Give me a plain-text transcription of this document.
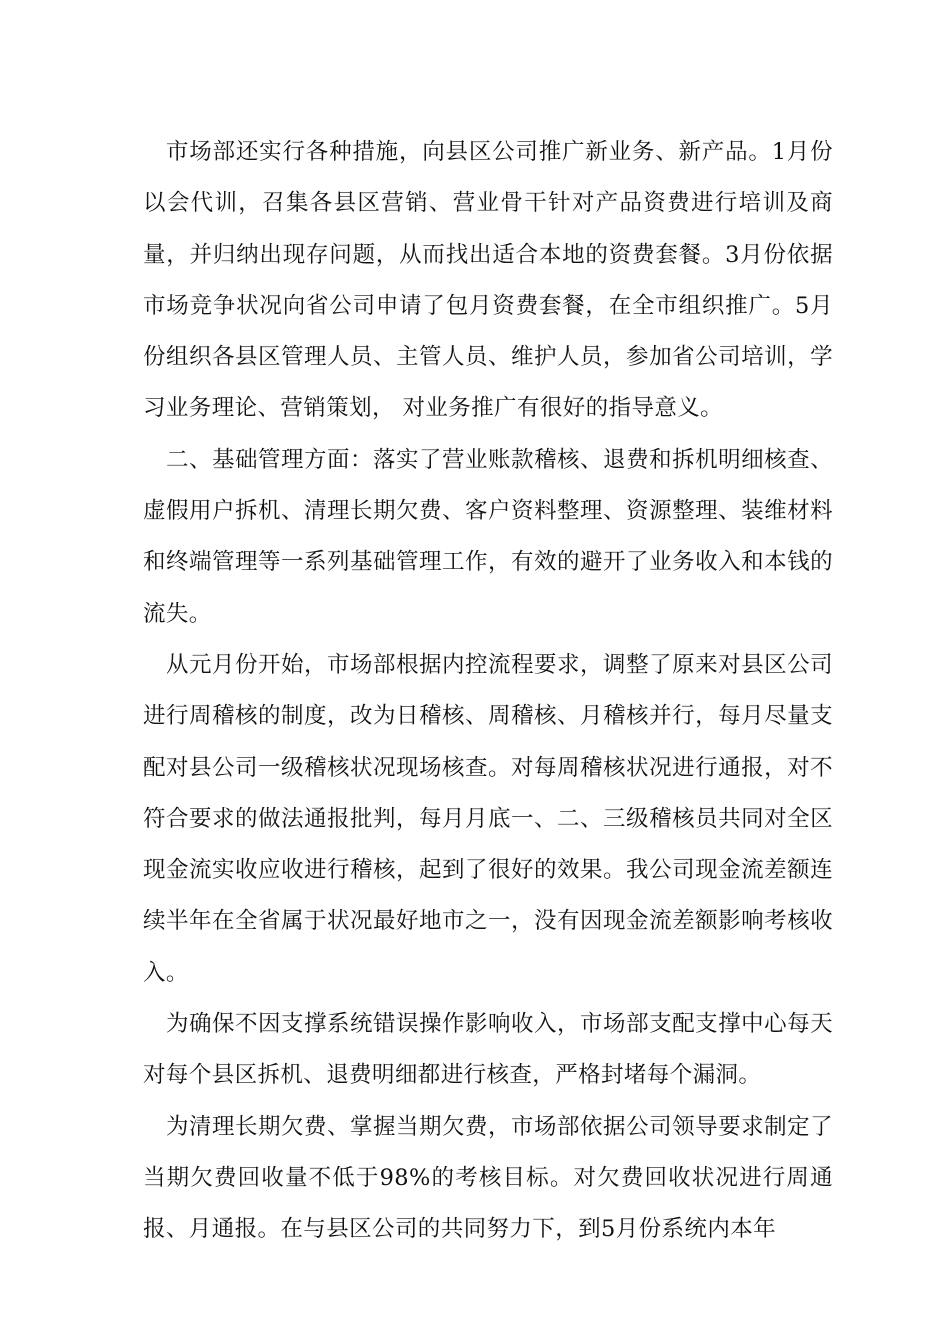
市场部还实行各种措施，向县区公司推广新业务、新产品。1月份以会代训，召集各县区营销、营业骨干针对产品资费进行培训及商量，并归纳出现存问题，从而找出适合本地的资费套餐。3月份依据市场竞争状况向省公司申请了包月资费套餐，在全市组织推广。5月份组织各县区管理人员、主管人员、维护人员，参加省公司培训，学习业务理论、营销策划， 对业务推广有很好的指导意义。

二、基础管理方面：落实了营业账款稽核、退费和拆机明细核查、虚假用户拆机、清理长期欠费、客户资料整理、资源整理、装维材料和终端管理等一系列基础管理工作，有效的避开了业务收入和本钱的流失。

从元月份开始，市场部根据内控流程要求，调整了原来对县区公司进行周稽核的制度，改为日稽核、周稽核、月稽核并行，每月尽量支配对县公司一级稽核状况现场核查。对每周稽核状况进行通报，对不符合要求的做法通报批判，每月月底一、二、三级稽核员共同对全区现金流实收应收进行稽核，起到了很好的效果。我公司现金流差额连续半年在全省属于状况最好地市之一，没有因现金流差额影响考核收入。

为确保不因支撑系统错误操作影响收入，市场部支配支撑中心每天对每个县区拆机、退费明细都进行核查，严格封堵每个漏洞。

为清理长期欠费、掌握当期欠费，市场部依据公司领导要求制定了当期欠费回收量不低于98%的考核目标。对欠费回收状况进行周通报、月通报。在与县区公司的共同努力下，到5月份系统内本年
